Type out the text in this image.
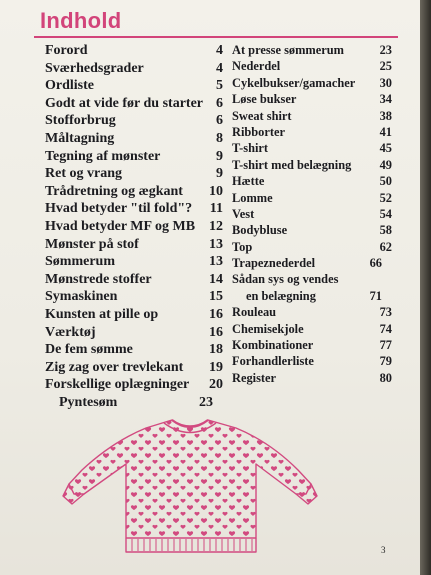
Indhold
Forord	4
Sværhedsgrader	4
Ordliste	5
Godt at vide før du starter 6
Stofforbrug	6
Måltagning	8
Tegning af mønster	9
Ret og vrang	9
Trådretning og ægkant 10
Hvad betyder "til fold"?	11
Hvad betyder MF og MB 12
Mønster på stof	13
Sømmerum	13
Mønstrede stoffer	14
Symaskinen	15
Kunsten at pille op	16
Værktøj	16
De fem sømme	18
Zig zag over trevlekant 19
Forskellige oplægninger 20
Pyntesøm	23
At presse sømmerum	23
Nederdel	25
Cykelbukser/gamacher	30
Løse bukser	34
Sweat shirt	38
Ribborter	41
T-shirt	45
T-shirt med belægning	49
Hætte	50
Lomme	52
Vest	54
Bodybluse	58
Top	62
Trapeznederdel	66
Sådan sys og vendes
en belægning	71
Rouleau	73
Chemisekjole	74
Kombinationer	77
Forhandlerliste	79
Register	80
3
